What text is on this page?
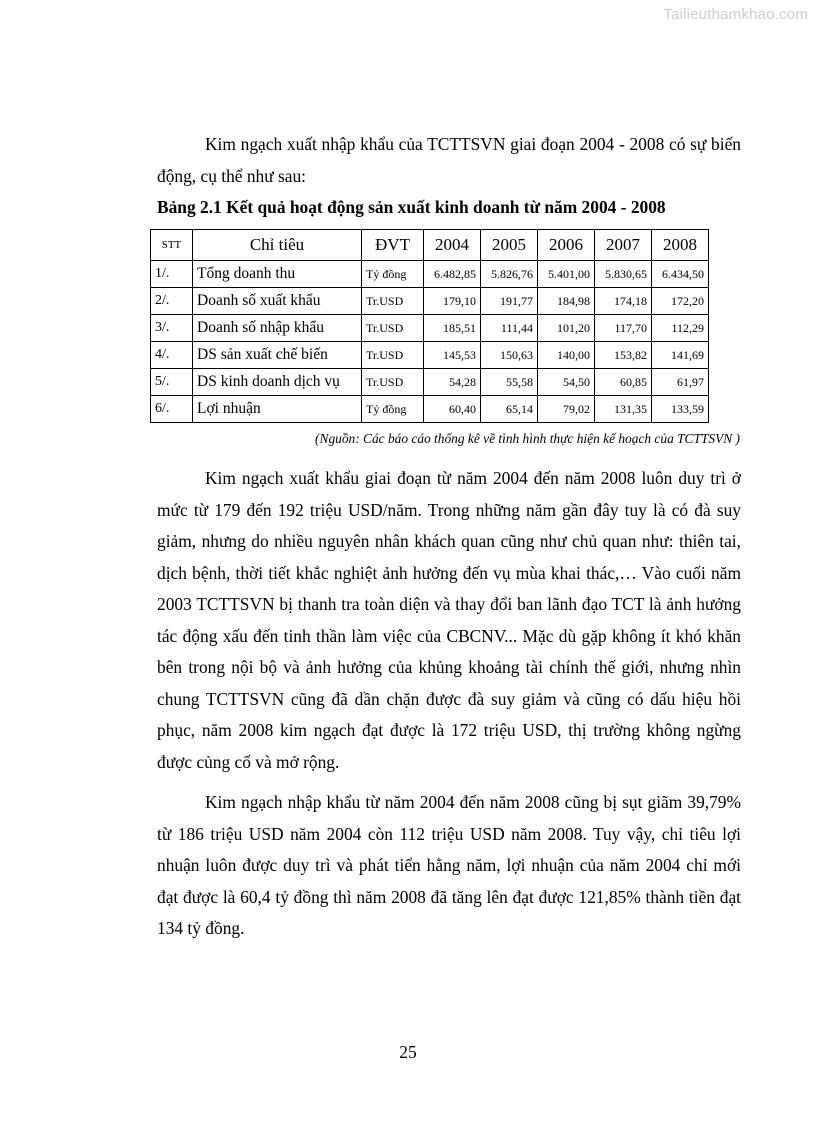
Tailieuthamkhao.com

Kim ngạch xuất nhập khẩu của TCTTSVN giai đoạn 2004 - 2008 có sự biến động, cụ thể như sau:

Bảng 2.1 Kết quả hoạt động sản xuất kinh doanh từ năm 2004 - 2008
STT	Chỉ tiêu	ĐVT	2004	2005	2006	2007	2008
1/.	Tổng doanh thu	Tỷ đồng	6.482,85	5.826,76	5.401,00	5.830,65	6.434,50
2/.	Doanh số xuất khẩu	Tr.USD	179,10	191,77	184,98	174,18	172,20
3/.	Doanh số nhập khẩu	Tr.USD	185,51	111,44	101,20	117,70	112,29
4/.	DS sản xuất chế biến	Tr.USD	145,53	150,63	140,00	153,82	141,69
5/.	DS kinh doanh dịch vụ	Tr.USD	54,28	55,58	54,50	60,85	61,97
6/.	Lợi nhuận	Tỷ đồng	60,40	65,14	79,02	131,35	133,59
(Nguồn: Các báo cáo thống kê về tình hình thực hiện kế hoạch của TCTTSVN )

Kim ngạch xuất khẩu giai đoạn từ năm 2004 đến năm 2008 luôn duy trì ở mức từ 179 đến 192 triệu USD/năm. Trong những năm gần đây tuy là có đà suy giảm, nhưng do nhiều nguyên nhân khách quan cũng như chủ quan như: thiên tai, dịch bệnh, thời tiết khắc nghiệt ảnh hưởng đến vụ mùa khai thác,… Vào cuối năm 2003 TCTTSVN bị thanh tra toàn diện và thay đổi ban lãnh đạo TCT là ảnh hưởng tác động xấu đến tinh thần làm việc của CBCNV... Mặc dù gặp không ít khó khăn bên trong nội bộ và ảnh hưởng của khủng khoảng tài chính thế giới, nhưng nhìn chung TCTTSVN cũng đã dần chặn được đà suy giảm và cũng có dấu hiệu hồi phục, năm 2008 kim ngạch đạt được là 172 triệu USD, thị trường không ngừng được củng cố và mở rộng.

Kim ngạch nhập khẩu từ năm 2004 đến năm 2008 cũng bị sụt giãm 39,79% từ 186 triệu USD năm 2004 còn 112 triệu USD năm 2008. Tuy vậy, chỉ tiêu lợi nhuận luôn được duy trì và phát tiển hằng năm, lợi nhuận của năm 2004 chỉ mới đạt được là 60,4 tỷ đồng thì năm 2008 đã tăng lên đạt được 121,85% thành tiền đạt 134 tỷ đồng.

25
